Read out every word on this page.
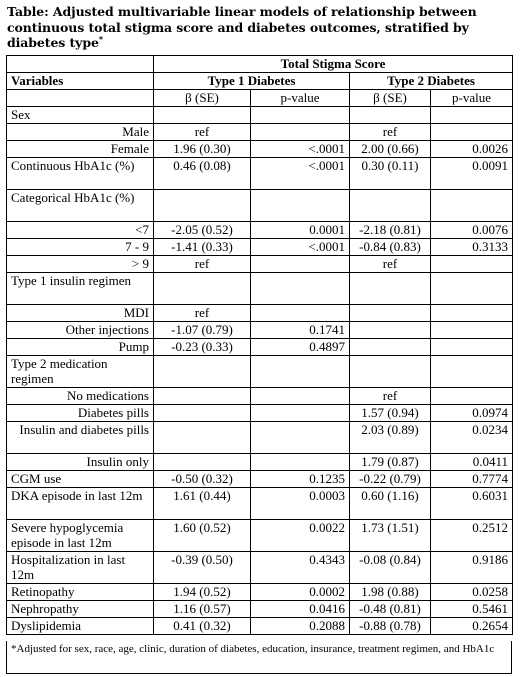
Table: Adjusted multivariable linear models of relationship between continuous total stigma score and diabetes outcomes, stratified by diabetes type*
	Total Stigma Score			
Variables	Type 1 Diabetes		Type 2 Diabetes	
	β (SE)	p-value	β (SE)	p-value
Sex				
Male	ref		ref	
Female	1.96 (0.30)	<.0001	2.00 (0.66)	0.0026
Continuous HbA1c (%)	0.46 (0.08)	<.0001	0.30 (0.11)	0.0091
Categorical HbA1c (%)				
<7	-2.05 (0.52)	0.0001	-2.18 (0.81)	0.0076
7 - 9	-1.41 (0.33)	<.0001	-0.84 (0.83)	0.3133
> 9	ref		ref	
Type 1 insulin regimen				
MDI	ref			
Other injections	-1.07 (0.79)	0.1741		
Pump	-0.23 (0.33)	0.4897		
Type 2 medication regimen				
No medications			ref	
Diabetes pills			1.57 (0.94)	0.0974
Insulin and diabetes pills			2.03 (0.89)	0.0234
Insulin only			1.79 (0.87)	0.0411
CGM use	-0.50 (0.32)	0.1235	-0.22 (0.79)	0.7774
DKA episode in last 12m	1.61 (0.44)	0.0003	0.60 (1.16)	0.6031
Severe hypoglycemia episode in last 12m	1.60 (0.52)	0.0022	1.73 (1.51)	0.2512
Hospitalization in last 12m	-0.39 (0.50)	0.4343	-0.08 (0.84)	0.9186
Retinopathy	1.94 (0.52)	0.0002	1.98 (0.88)	0.0258
Nephropathy	1.16 (0.57)	0.0416	-0.48 (0.81)	0.5461
Dyslipidemia	0.41 (0.32)	0.2088	-0.88 (0.78)	0.2654
*Adjusted for sex, race, age, clinic, duration of diabetes, education, insurance, treatment regimen, and HbA1c
